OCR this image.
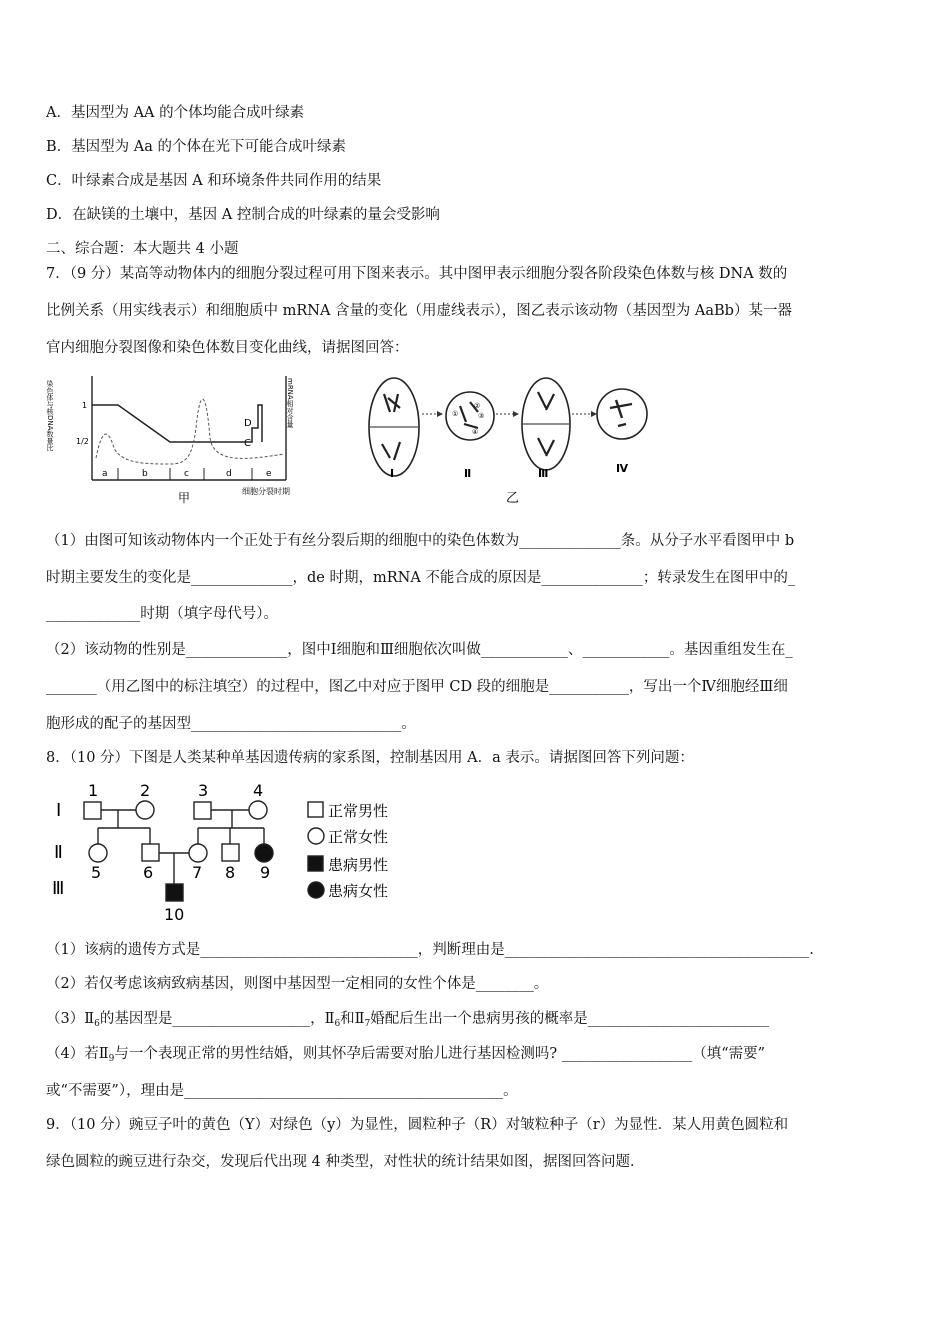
A．基因型为 AA 的个体均能合成叶绿素
B．基因型为 Aa 的个体在光下可能合成叶绿素
C．叶绿素合成是基因 A 和环境条件共同作用的结果
D．在缺镁的土壤中，基因 A 控制合成的叶绿素的量会受影响
二、综合题：本大题共 4 小题
7．（9 分）某高等动物体内的细胞分裂过程可用下图来表示。其中图甲表示细胞分裂各阶段染色体数与核 DNA 数的
比例关系（用实线表示）和细胞质中 mRNA 含量的变化（用虚线表示），图乙表示该动物（基因型为 AaBb）某一器
官内细胞分裂图像和染色体数目变化曲线，请据图回答：
染色体与核DNA数量比	1
1/2
mRNA相对含量
D
C
a	b	c	d	e
甲	细胞分裂时期
②
③
①
④
Ⅰ	Ⅱ	Ⅲ	Ⅳ
乙
（1）由图可知该动物体内一个正处于有丝分裂后期的细胞中的染色体数为______________条。从分子水平看图甲中 b
时期主要发生的变化是______________，de 时期，mRNA 不能合成的原因是______________；转录发生在图甲中的_
_____________时期（填字母代号）。
（2）该动物的性别是______________，图中Ⅰ细胞和Ⅲ细胞依次叫做____________、____________。基因重组发生在_
_______（用乙图中的标注填空）的过程中，图乙中对应于图甲 CD 段的细胞是___________，写出一个Ⅳ细胞经Ⅲ细
胞形成的配子的基因型_____________________________。
8．（10 分）下图是人类某种单基因遗传病的家系图，控制基因用 A．a 表示。请据图回答下列问题：
Ⅰ
Ⅱ
Ⅲ
1	2	3	4
5	6 7 8 9
10
正常男性
正常女性
患病男性
患病女性
（1）该病的遗传方式是______________________________，判断理由是__________________________________________.
（2）若仅考虑该病致病基因，则图中基因型一定相同的女性个体是________。
$(3)Ⅱ_6$的基因型是___________________，$Ⅱ_6$和$Ⅱ_7$婚配后生出一个患病男孩的概率是_________________________
（4）若$Ⅱ_9$与一个表现正常的男性结婚，则其怀孕后需要对胎儿进行基因检测吗? __________________（填“需要”
或“不需要”），理由是____________________________________________。
9．（10 分）豌豆子叶的黄色（Y）对绿色（y）为显性，圆粒种子（R）对皱粒种子（r）为显性．某人用黄色圆粒和
绿色圆粒的豌豆进行杂交，发现后代出现 4 种类型，对性状的统计结果如图，据图回答问题．
